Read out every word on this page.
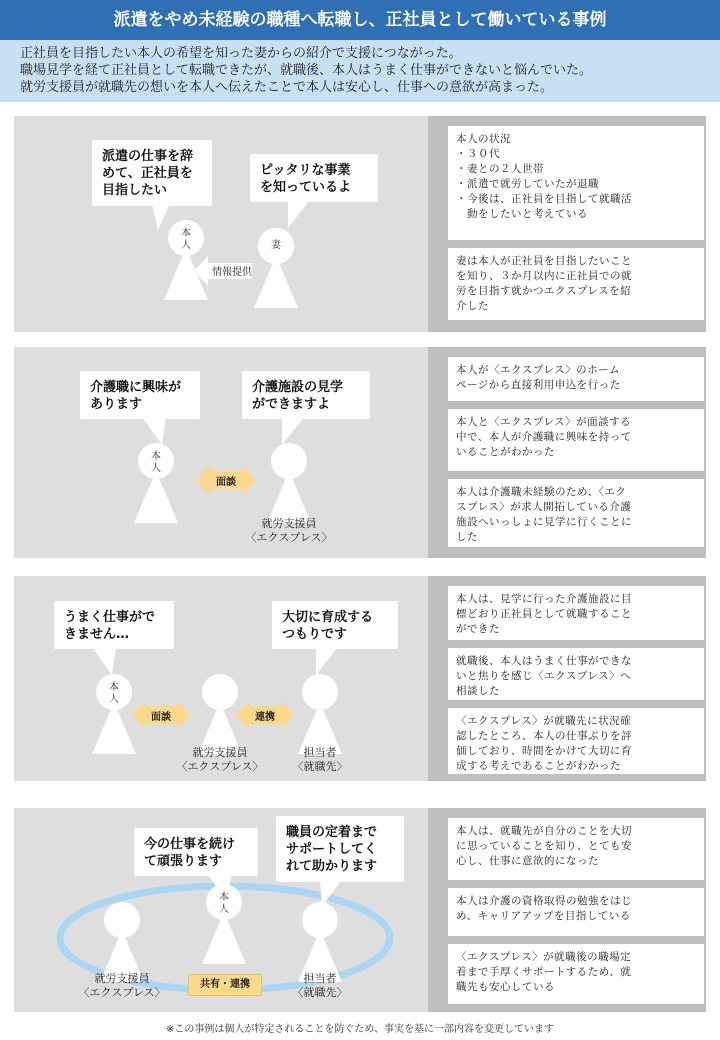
派遣をやめ未経験の職種へ転職し、正社員として働いている事例
正社員を目指したい本人の希望を知った妻からの紹介で支援につながった。
職場見学を経て正社員として転職できたが、就職後、本人はうまく仕事ができないと悩んでいた。
就労支援員が就職先の想いを本人へ伝えたことで本人は安心し、仕事への意欲が高まった。
派遣の仕事を辞
めて、正社員を
目指したい
ピッタリな事業
を知っているよ
本
人	妻
情報提供
本人の状況
・３０代
・妻との２人世帯
・派遣で就労していたが退職
・今後は、正社員を目指して就職活
　動をしたいと考えている
妻は本人が正社員を目指したいこと
を知り、３か月以内に正社員での就
労を目指す就かつエクスプレスを紹
介した
介護職に興味が
あります
介護施設の見学
ができますよ
本
人
就労支援員
〈エクスプレス〉
面談
本人が〈エクスプレス〉のホーム
ページから直接利用申込を行った
本人と〈エクスプレス〉が面談する
中で、本人が介護職に興味を持って
いることがわかった
本人は介護職未経験のため、〈エク
スプレス〉が求人開拓している介護
施設へいっしょに見学に行くことに
した
うまく仕事がで
きません…
大切に育成する
つもりです
本
人
就労支援員
〈エクスプレス〉
担当者
〈就職先〉
面談	連携
本人は、見学に行った介護施設に目
標どおり正社員として就職すること
ができた
就職後、本人はうまく仕事ができな
いと焦りを感じ〈エクスプレス〉へ
相談した
〈エクスプレス〉が就職先に状況確
認したところ、本人の仕事ぶりを評
価しており、時間をかけて大切に育
成する考えであることがわかった
今の仕事を続け
て頑張ります
職員の定着まで
サポートしてく
れて助かります
本
人
就労支援員
〈エクスプレス〉
担当者
〈就職先〉
共有・連携
本人は、就職先が自分のことを大切
に思っていることを知り、とても安
心し、仕事に意欲的になった
本人は介護の資格取得の勉強をはじ
め、キャリアアップを目指している
〈エクスプレス〉が就職後の職場定
着まで手厚くサポートするため、就
職先も安心している
※この事例は個人が特定されることを防ぐため、事実を基に一部内容を変更しています
